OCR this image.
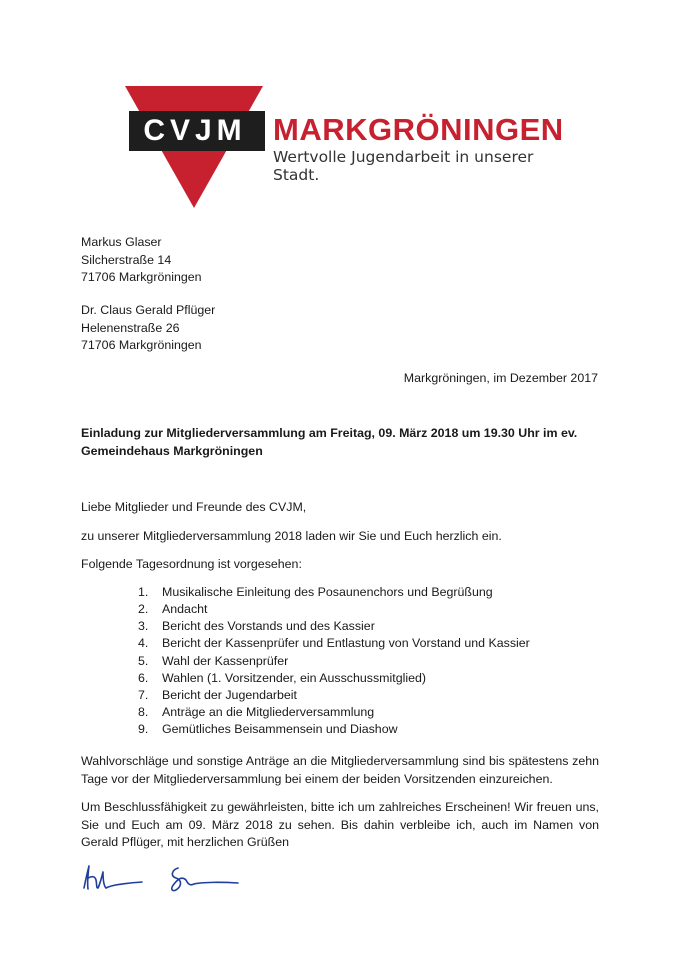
CVJM MARKGRÖNINGEN
Wertvolle Jugendarbeit in unserer Stadt.
Markus Glaser
Silcherstraße 14
71706 Markgröningen
Dr. Claus Gerald Pflüger
Helenenstraße 26
71706 Markgröningen
Markgröningen, im Dezember 2017
Einladung zur Mitgliederversammlung am Freitag, 09. März 2018 um 19.30 Uhr im ev.
Gemeindehaus Markgröningen
Liebe Mitglieder und Freunde des CVJM,
zu unserer Mitgliederversammlung 2018 laden wir Sie und Euch herzlich ein.
Folgende Tagesordnung ist vorgesehen:
1.	Musikalische Einleitung des Posaunenchors und Begrüßung
2.	Andacht
3.	Bericht des Vorstands und des Kassier
4.	Bericht der Kassenprüfer und Entlastung von Vorstand und Kassier
5.	Wahl der Kassenprüfer
6.	Wahlen (1. Vorsitzender, ein Ausschussmitglied)
7.	Bericht der Jugendarbeit
8.	Anträge an die Mitgliederversammlung
9.	Gemütliches Beisammensein und Diashow
Wahlvorschläge und sonstige Anträge an die Mitgliederversammlung sind bis spätestens zehn Tage vor der Mitgliederversammlung bei einem der beiden Vorsitzenden einzureichen.
Um Beschlussfähigkeit zu gewährleisten, bitte ich um zahlreiches Erscheinen! Wir freuen uns, Sie und Euch am 09. März 2018 zu sehen. Bis dahin verbleibe ich, auch im Namen von Gerald Pflüger, mit herzlichen Grüßen
